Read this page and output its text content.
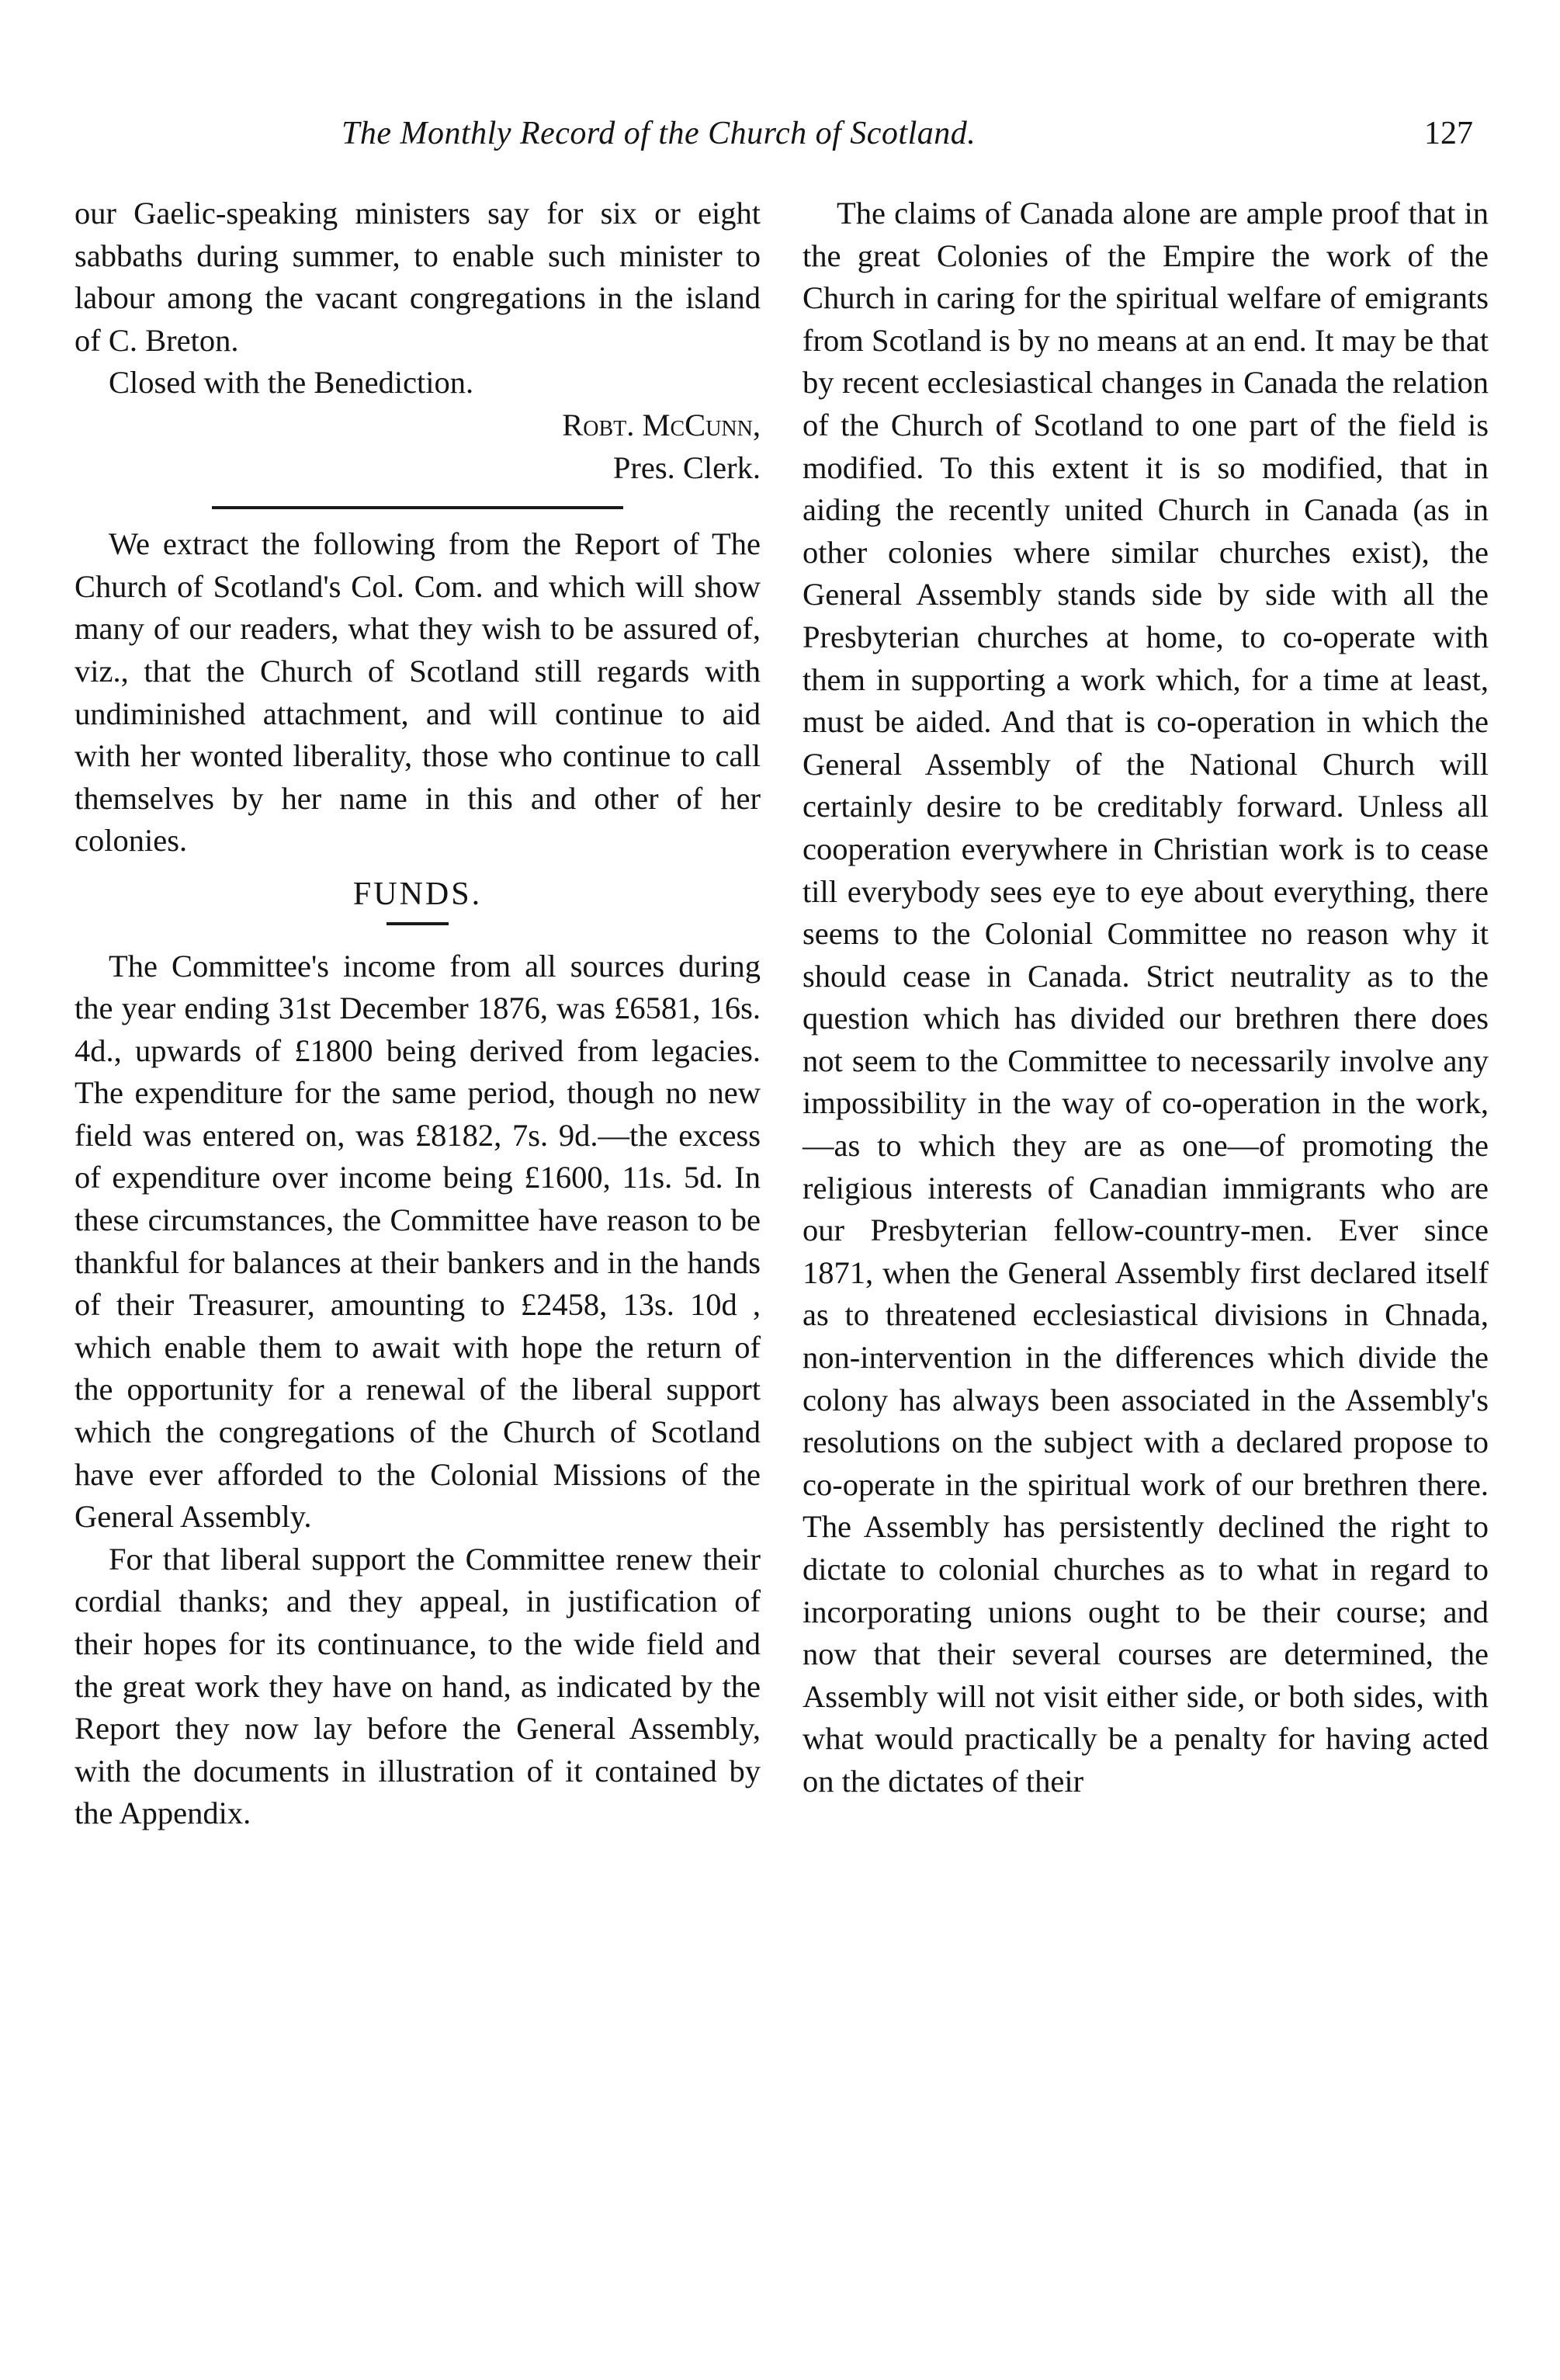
The Monthly Record of the Church of Scotland.	127

our Gaelic-speaking ministers say for six or eight sabbaths during summer, to enable such minister to labour among the vacant congregations in the island of C. Breton.

Closed with the Benediction.

Robt. McCunn,

Pres. Clerk.

We extract the following from the Report of The Church of Scotland's Col. Com. and which will show many of our readers, what they wish to be assured of, viz., that the Church of Scotland still regards with undiminished attachment, and will continue to aid with her wonted liberality, those who continue to call themselves by her name in this and other of her colonies.

FUNDS.

The Committee's income from all sources during the year ending 31st December 1876, was £6581, 16s. 4d., upwards of £1800 being derived from legacies. The expenditure for the same period, though no new field was entered on, was £8182, 7s. 9d.—the excess of expenditure over income being £1600, 11s. 5d. In these circumstances, the Committee have reason to be thankful for balances at their bankers and in the hands of their Treasurer, amounting to £2458, 13s. 10d , which enable them to await with hope the return of the opportunity for a renewal of the liberal support which the congregations of the Church of Scotland have ever afforded to the Colonial Missions of the General Assembly.

For that liberal support the Committee renew their cordial thanks; and they appeal, in justification of their hopes for its continuance, to the wide field and the great work they have on hand, as indicated by the Report they now lay before the General Assembly, with the documents in illustration of it contained by the Appendix.

The claims of Canada alone are ample proof that in the great Colonies of the Empire the work of the Church in caring for the spiritual welfare of emigrants from Scotland is by no means at an end. It may be that by recent ecclesiastical changes in Canada the relation of the Church of Scotland to one part of the field is modified. To this extent it is so modified, that in aiding the recently united Church in Canada (as in other colonies where similar churches exist), the General Assembly stands side by side with all the Presbyterian churches at home, to co-operate with them in supporting a work which, for a time at least, must be aided. And that is co-operation in which the General Assembly of the National Church will certainly desire to be creditably forward. Unless all cooperation everywhere in Christian work is to cease till everybody sees eye to eye about everything, there seems to the Colonial Committee no reason why it should cease in Canada. Strict neutrality as to the question which has divided our brethren there does not seem to the Committee to necessarily involve any impossibility in the way of co-operation in the work,—as to which they are as one—of promoting the religious interests of Canadian immigrants who are our Presbyterian fellow-country-men. Ever since 1871, when the General Assembly first declared itself as to threatened ecclesiastical divisions in Chnada, non-intervention in the differences which divide the colony has always been associated in the Assembly's resolutions on the subject with a declared propose to co-operate in the spiritual work of our brethren there. The Assembly has persistently declined the right to dictate to colonial churches as to what in regard to incorporating unions ought to be their course; and now that their several courses are determined, the Assembly will not visit either side, or both sides, with what would practically be a penalty for having acted on the dictates of their
